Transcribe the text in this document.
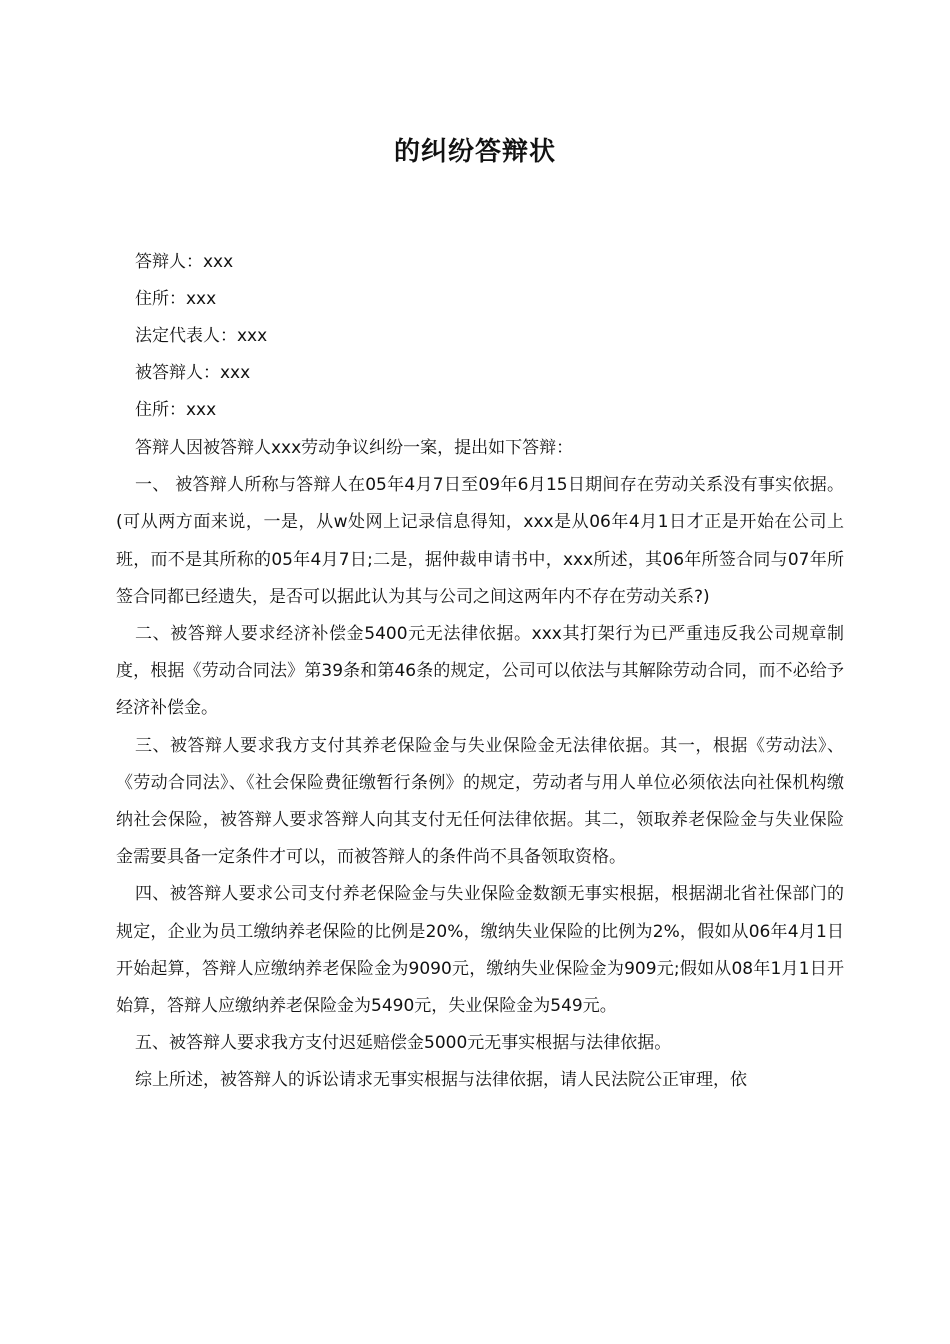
的纠纷答辩状
答辩人：xxx
住所：xxx
法定代表人：xxx
被答辩人：xxx
住所：xxx

答辩人因被答辩人xxx劳动争议纠纷一案，提出如下答辩：

一、 被答辩人所称与答辩人在05年4月7日至09年6月15日期间存在劳动关系没有事实依据。(可从两方面来说，一是，从w处网上记录信息得知，xxx是从06年4月1日才正是开始在公司上班，而不是其所称的05年4月7日;二是，据仲裁申请书中，xxx所述，其06年所签合同与07年所签合同都已经遗失，是否可以据此认为其与公司之间这两年内不存在劳动关系?)

二、被答辩人要求经济补偿金5400元无法律依据。xxx其打架行为已严重违反我公司规章制度，根据《劳动合同法》第39条和第46条的规定，公司可以依法与其解除劳动合同，而不必给予经济补偿金。

三、被答辩人要求我方支付其养老保险金与失业保险金无法律依据。其一，根据《劳动法》、《劳动合同法》、《社会保险费征缴暂行条例》的规定，劳动者与用人单位必须依法向社保机构缴纳社会保险，被答辩人要求答辩人向其支付无任何法律依据。其二，领取养老保险金与失业保险金需要具备一定条件才可以，而被答辩人的条件尚不具备领取资格。

四、被答辩人要求公司支付养老保险金与失业保险金数额无事实根据，根据湖北省社保部门的规定，企业为员工缴纳养老保险的比例是20%，缴纳失业保险的比例为2%，假如从06年4月1日开始起算，答辩人应缴纳养老保险金为9090元，缴纳失业保险金为909元;假如从08年1月1日开始算，答辩人应缴纳养老保险金为5490元，失业保险金为549元。

五、被答辩人要求我方支付迟延赔偿金5000元无事实根据与法律依据。

综上所述，被答辩人的诉讼请求无事实根据与法律依据，请人民法院公正审理，依
